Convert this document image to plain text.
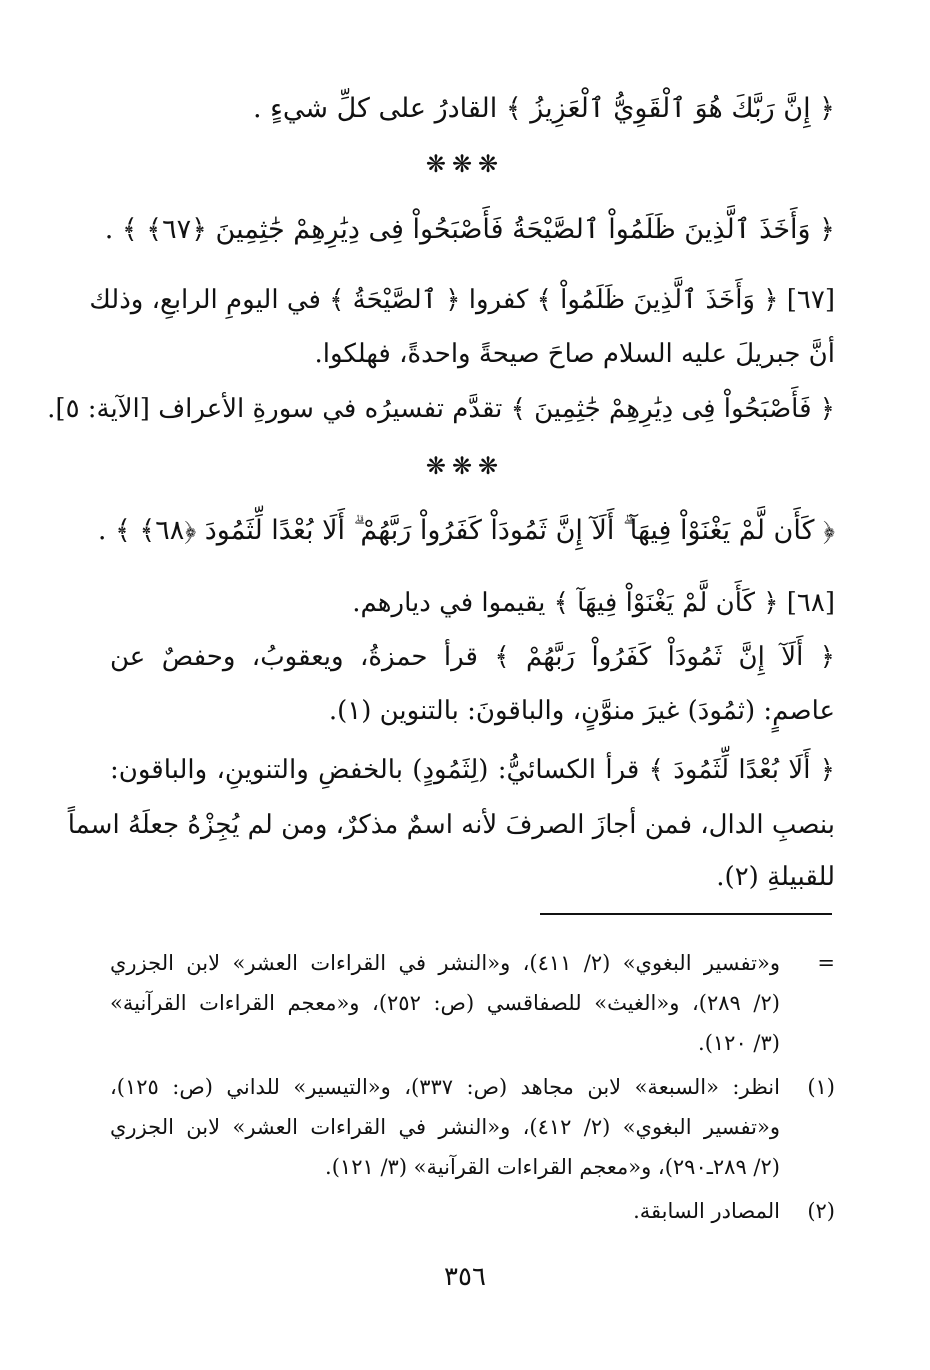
﴿ إِنَّ رَبَّكَ هُوَ ٱلْقَوِيُّ ٱلْعَزِيزُ ﴾ القادرُ على كلِّ شيءٍ .
❋❋❋
﴿ وَأَخَذَ ٱلَّذِينَ ظَلَمُواْ ٱلصَّيْحَةُ فَأَصْبَحُواْ فِى دِيَٰرِهِمْ جَٰثِمِينَ ﴿٦٧﴾ ﴾ .
[٦٧] ﴿ وَأَخَذَ ٱلَّذِينَ ظَلَمُواْ ﴾ كفروا ﴿ ٱلصَّيْحَةُ ﴾ في اليومِ الرابعِ، وذلك
أنَّ جبريلَ عليه السلام صاحَ صيحةً واحدةً، فهلكوا.
﴿ فَأَصْبَحُواْ فِى دِيَٰرِهِمْ جَٰثِمِينَ ﴾ تقدَّم تفسيرُه في سورةِ الأعراف [الآية: ٥].
❋❋❋
﴿ كَأَن لَّمْ يَغْنَوْاْ فِيهَآ ۗ أَلَآ إِنَّ ثَمُودَاْ كَفَرُواْ رَبَّهُمْ ۗ أَلَا بُعْدًا لِّثَمُودَ ﴿٦٨﴾ ﴾ .
[٦٨] ﴿ كَأَن لَّمْ يَغْنَوْاْ فِيهَآ ﴾ يقيموا في ديارهم.
﴿ أَلَآ إِنَّ ثَمُودَاْ كَفَرُواْ رَبَّهُمْ ﴾ قرأ حمزةُ، ويعقوبُ، وحفصٌ عن
عاصمٍ: (ثمُودَ) غيرَ منوَّنٍ، والباقونَ: بالتنوين (١).
﴿ أَلَا بُعْدًا لِّثَمُودَ ﴾ قرأ الكسائيُّ: (لِثَمُودٍ) بالخفضِ والتنوينِ، والباقون:
بنصبِ الدال، فمن أجازَ الصرفَ لأنه اسمٌ مذكرٌ، ومن لم يُجِزْهُ جعلَهُ اسماً
للقبيلةِ (٢).
=
و«تفسير البغوي» (٢/ ٤١١)، و«النشر في القراءات العشر» لابن الجزري
(٢/ ٢٨٩)، و«الغيث» للصفاقسي (ص: ٢٥٢)، و«معجم القراءات القرآنية»
(٣/ ١٢٠).
(١)
انظر: «السبعة» لابن مجاهد (ص: ٣٣٧)، و«التيسير» للداني (ص: ١٢٥)،
و«تفسير البغوي» (٢/ ٤١٢)، و«النشر في القراءات العشر» لابن الجزري
(٢/ ٢٨٩ـ٢٩٠)، و«معجم القراءات القرآنية» (٣/ ١٢١).
(٢)
المصادر السابقة.
٣٥٦
